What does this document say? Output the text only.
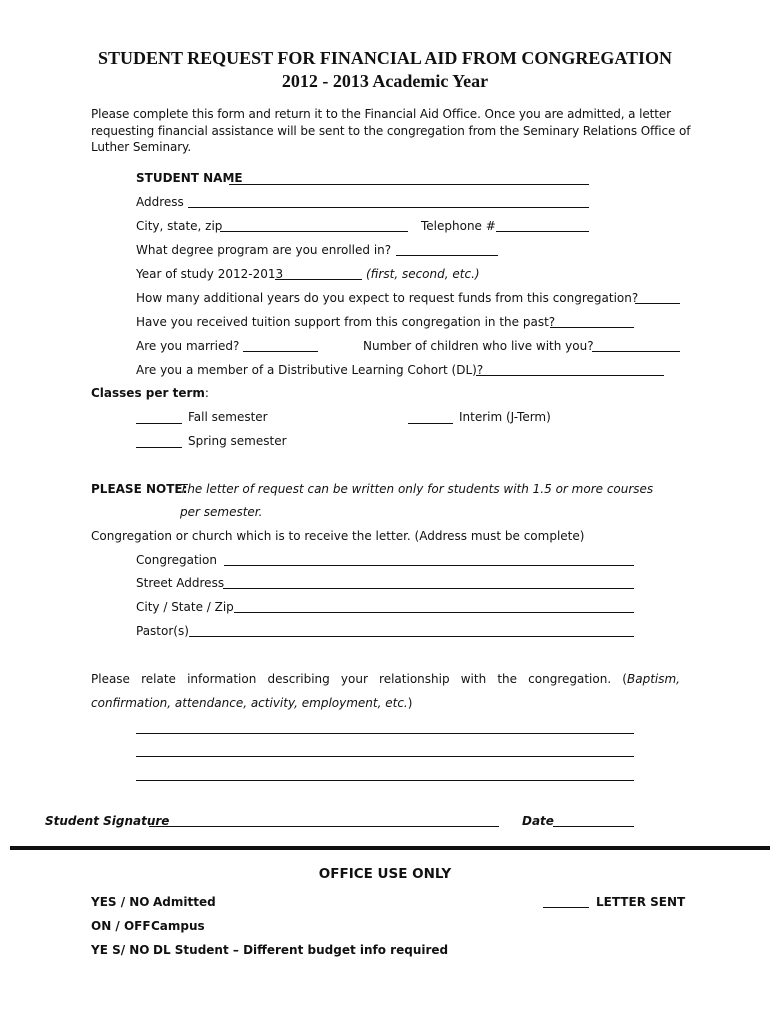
STUDENT REQUEST FOR FINANCIAL AID FROM CONGREGATION
2012 - 2013 Academic Year
Please complete this form and return it to the Financial Aid Office. Once you are admitted, a letter requesting financial assistance will be sent to the congregation from the Seminary Relations Office of Luther Seminary.
STUDENT NAME
Address
City, state, zip	Telephone #
What degree program are you enrolled in?
Year of study 2012-2013	(first, second, etc.)
How many additional years do you expect to request funds from this congregation?
Have you received tuition support from this congregation in the past?
Are you married?	Number of children who live with you?
Are you a member of a Distributive Learning Cohort (DL)?
Classes per term:
Fall semester	Interim (J-Term)
Spring semester
PLEASE NOTE:
The letter of request can be written only for students with 1.5 or more courses
per semester.
Congregation or church which is to receive the letter. (Address must be complete)
Congregation
Street Address
City / State / Zip
Pastor(s)
Please relate information describing your relationship with the congregation. (Baptism,
confirmation, attendance, activity, employment, etc.)
Student Signature	Date
OFFICE USE ONLY
YES / NO Admitted	LETTER SENT
ON / OFF Campus
YE S/ NO DL Student – Different budget info required
